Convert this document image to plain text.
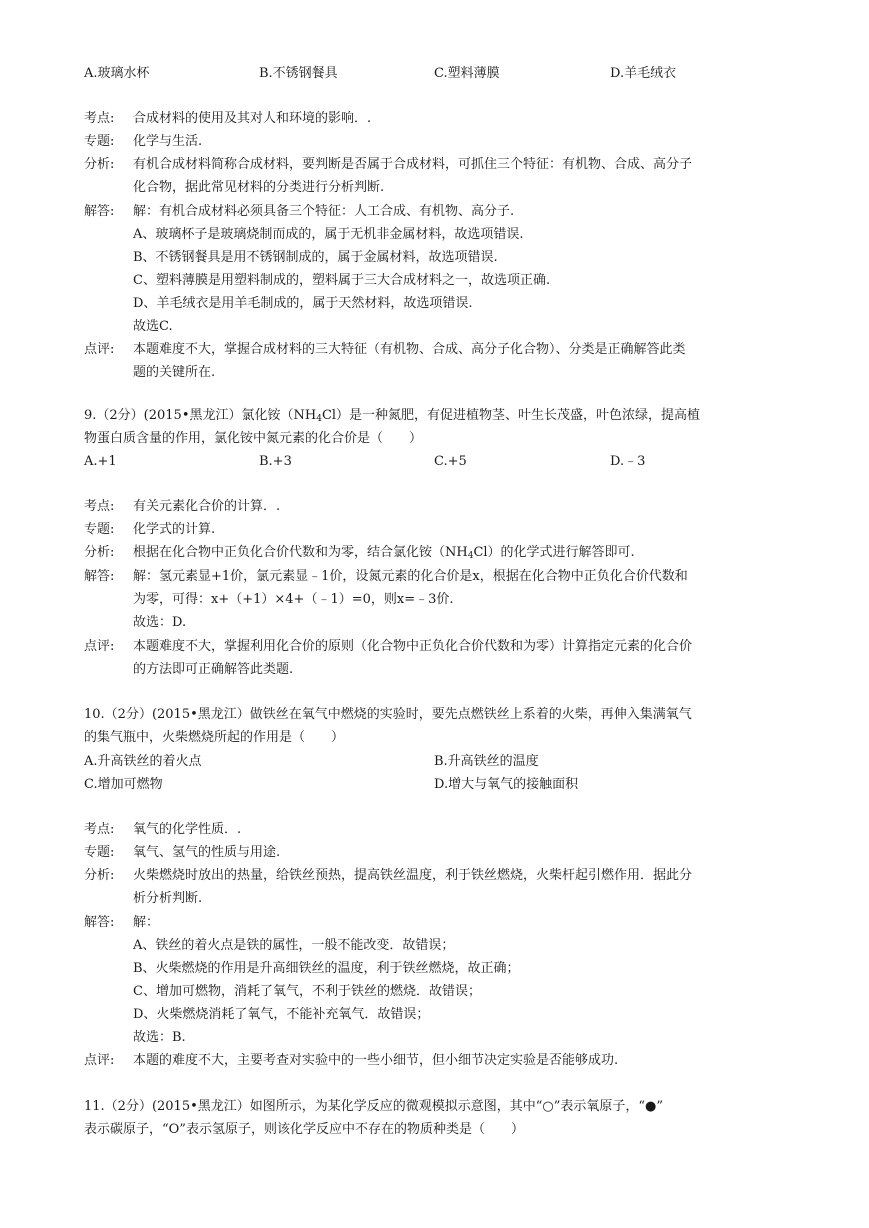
A.玻璃水杯	B.不锈钢餐具	C.塑料薄膜	D.羊毛绒衣
考点: 合成材料的使用及其对人和环境的影响．.
专题: 化学与生活.
分析: 有机合成材料简称合成材料，要判断是否属于合成材料，可抓住三个特征：有机物、合成、高分子
化合物，据此常见材料的分类进行分析判断.
解答: 解：有机合成材料必须具备三个特征：人工合成、有机物、高分子.
A、玻璃杯子是玻璃烧制而成的，属于无机非金属材料，故选项错误.
B、不锈钢餐具是用不锈钢制成的，属于金属材料，故选项错误.
C、塑料薄膜是用塑料制成的，塑料属于三大合成材料之一，故选项正确.
D、羊毛绒衣是用羊毛制成的，属于天然材料，故选项错误.
故选C.
点评: 本题难度不大，掌握合成材料的三大特征（有机物、合成、高分子化合物）、分类是正确解答此类
题的关键所在.
9.（2分）(2015•黑龙江）氯化铵$(NH_4Cl)$是一种氮肥，有促进植物茎、叶生长茂盛，叶色浓绿，提高植
物蛋白质含量的作用，氯化铵中氮元素的化合价是（　　）
A.+1	B.+3	C.+5	D.﹣3
考点: 有关元素化合价的计算．.
专题: 化学式的计算.
分析: 根据在化合物中正负化合价代数和为零，结合氯化铵$(NH_4Cl)$的化学式进行解答即可.
解答: 解：氢元素显+1价，氯元素显﹣1价，设氮元素的化合价是x，根据在化合物中正负化合价代数和
为零，可得：x+（+1）×4+（﹣1）=0，则x=﹣3价.
故选：D.
点评: 本题难度不大，掌握利用化合价的原则（化合物中正负化合价代数和为零）计算指定元素的化合价
的方法即可正确解答此类题.
10.（2分）(2015•黑龙江）做铁丝在氧气中燃烧的实验时，要先点燃铁丝上系着的火柴，再伸入集满氧气
的集气瓶中，火柴燃烧所起的作用是（　　）
A.升高铁丝的着火点	B.升高铁丝的温度
C.增加可燃物	D.增大与氧气的接触面积
考点: 氧气的化学性质．.
专题: 氧气、氢气的性质与用途.
分析: 火柴燃烧时放出的热量，给铁丝预热，提高铁丝温度，利于铁丝燃烧，火柴杆起引燃作用．据此分
析分析判断.
解答: 解：
A、铁丝的着火点是铁的属性，一般不能改变．故错误；
B、火柴燃烧的作用是升高细铁丝的温度，利于铁丝燃烧，故正确；
C、增加可燃物，消耗了氧气，不利于铁丝的燃烧．故错误；
D、火柴燃烧消耗了氧气，不能补充氧气．故错误；
故选：B.
点评: 本题的难度不大，主要考查对实验中的一些小细节，但小细节决定实验是否能够成功.
11.（2分）(2015•黑龙江）如图所示，为某化学反应的微观模拟示意图，其中“○”表示氧原子，“●”
表示碳原子，“O”表示氢原子，则该化学反应中不存在的物质种类是（　　）
